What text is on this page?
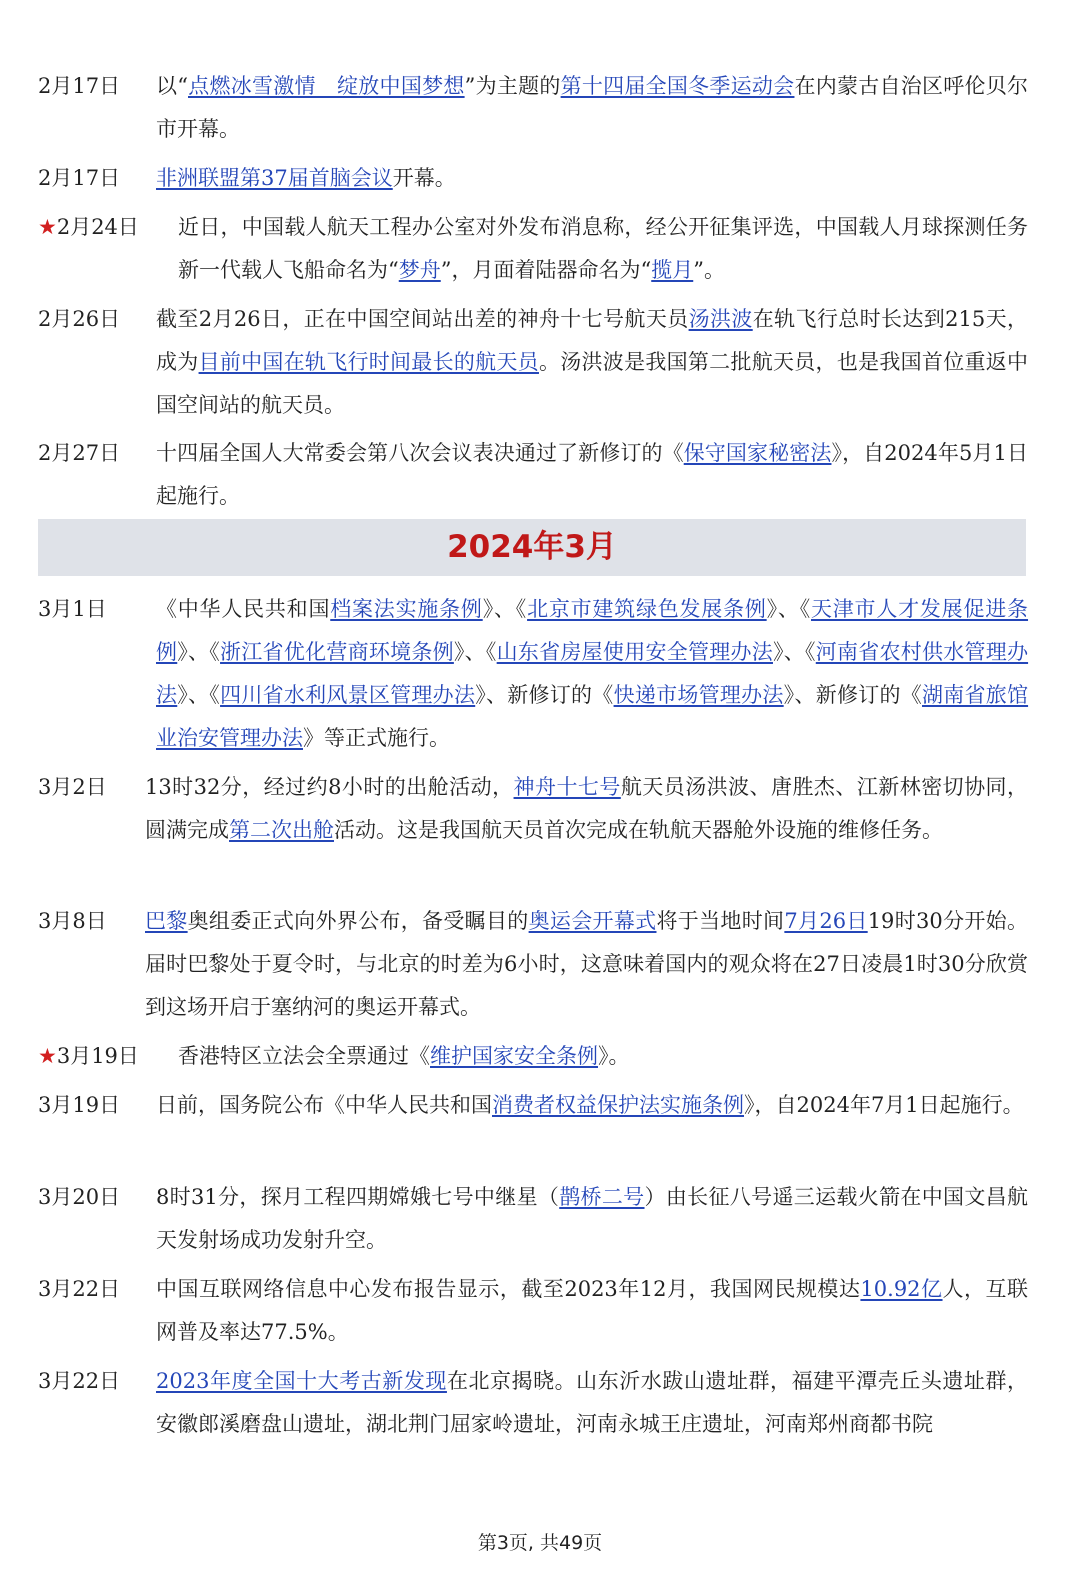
2月17日 以“点燃冰雪激情　绽放中国梦想”为主题的第十四届全国冬季运动会在内蒙古自治区呼伦贝尔市开幕。
2月17日 非洲联盟第37届首脑会议开幕。
★2月24日 近日，中国载人航天工程办公室对外发布消息称，经公开征集评选，中国载人月球探测任务新一代载人飞船命名为“梦舟”，月面着陆器命名为“揽月”。
2月26日 截至2月26日，正在中国空间站出差的神舟十七号航天员汤洪波在轨飞行总时长达到215天，成为目前中国在轨飞行时间最长的航天员。汤洪波是我国第二批航天员，也是我国首位重返中国空间站的航天员。
2月27日 十四届全国人大常委会第八次会议表决通过了新修订的《保守国家秘密法》，自2024年5月1日起施行。
2024年3月
3月1日 《中华人民共和国档案法实施条例》、《北京市建筑绿色发展条例》、《天津市人才发展促进条例》、《浙江省优化营商环境条例》、《山东省房屋使用安全管理办法》、《河南省农村供水管理办法》、《四川省水利风景区管理办法》、新修订的《快递市场管理办法》、新修订的《湖南省旅馆业治安管理办法》等正式施行。
3月2日 13时32分，经过约8小时的出舱活动，神舟十七号航天员汤洪波、唐胜杰、江新林密切协同，圆满完成第二次出舱活动。这是我国航天员首次完成在轨航天器舱外设施的维修任务。
3月8日 巴黎奥组委正式向外界公布，备受瞩目的奥运会开幕式将于当地时间7月26日19时30分开始。届时巴黎处于夏令时，与北京的时差为6小时，这意味着国内的观众将在27日凌晨1时30分欣赏到这场开启于塞纳河的奥运开幕式。
★3月19日 香港特区立法会全票通过《维护国家安全条例》。
3月19日 日前，国务院公布《中华人民共和国消费者权益保护法实施条例》，自2024年7月1日起施行。
3月20日 8时31分，探月工程四期嫦娥七号中继星（鹊桥二号）由长征八号遥三运载火箭在中国文昌航天发射场成功发射升空。
3月22日 中国互联网络信息中心发布报告显示，截至2023年12月，我国网民规模达10.92亿人，互联网普及率达77.5%。
3月22日 2023年度全国十大考古新发现在北京揭晓。山东沂水跋山遗址群，福建平潭壳丘头遗址群，安徽郎溪磨盘山遗址，湖北荆门屈家岭遗址，河南永城王庄遗址，河南郑州商都书院
第3页, 共49页
